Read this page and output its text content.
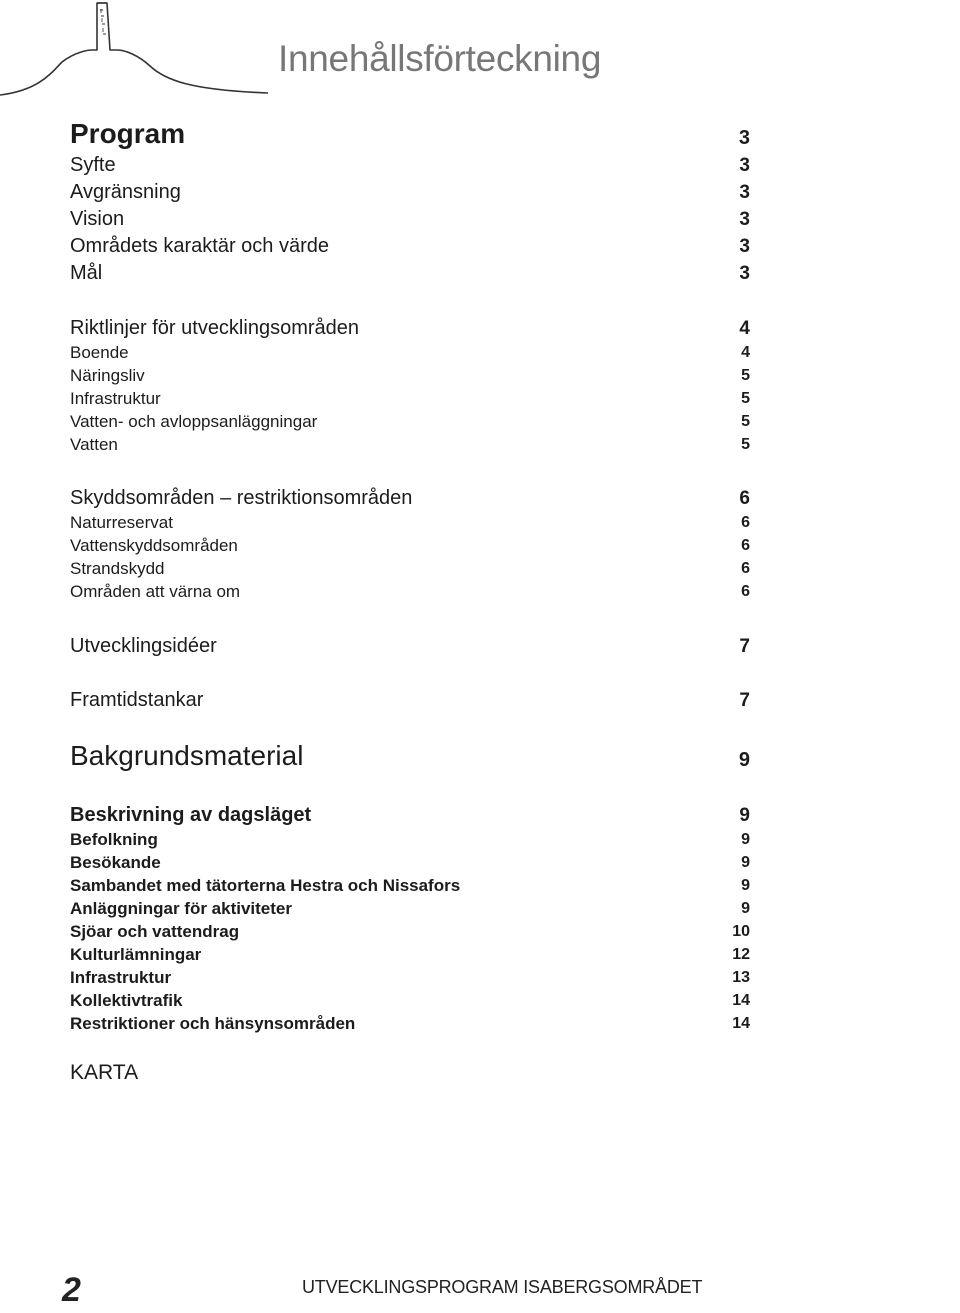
Innehållsförteckning
Program	3
Syfte	3
Avgränsning	3
Vision	3
Områdets karaktär och värde	3
Mål	3
Riktlinjer för utvecklingsområden	4
Boende	4
Näringsliv	5
Infrastruktur	5
Vatten- och avloppsanläggningar	5
Vatten	5
Skyddsområden – restriktionsområden	6
Naturreservat	6
Vattenskyddsområden	6
Strandskydd	6
Områden att värna om	6
Utvecklingsidéer	7
Framtidstankar	7
Bakgrundsmaterial	9
Beskrivning av dagsläget	9
Befolkning	9
Besökande	9
Sambandet med tätorterna Hestra och Nissafors	9
Anläggningar för aktiviteter	9
Sjöar och vattendrag	10
Kulturlämningar	12
Infrastruktur	13
Kollektivtrafik	14
Restriktioner och hänsynsområden	14
KARTA
2	UTVECKLINGSPROGRAM ISABERGSOMRÅDET
